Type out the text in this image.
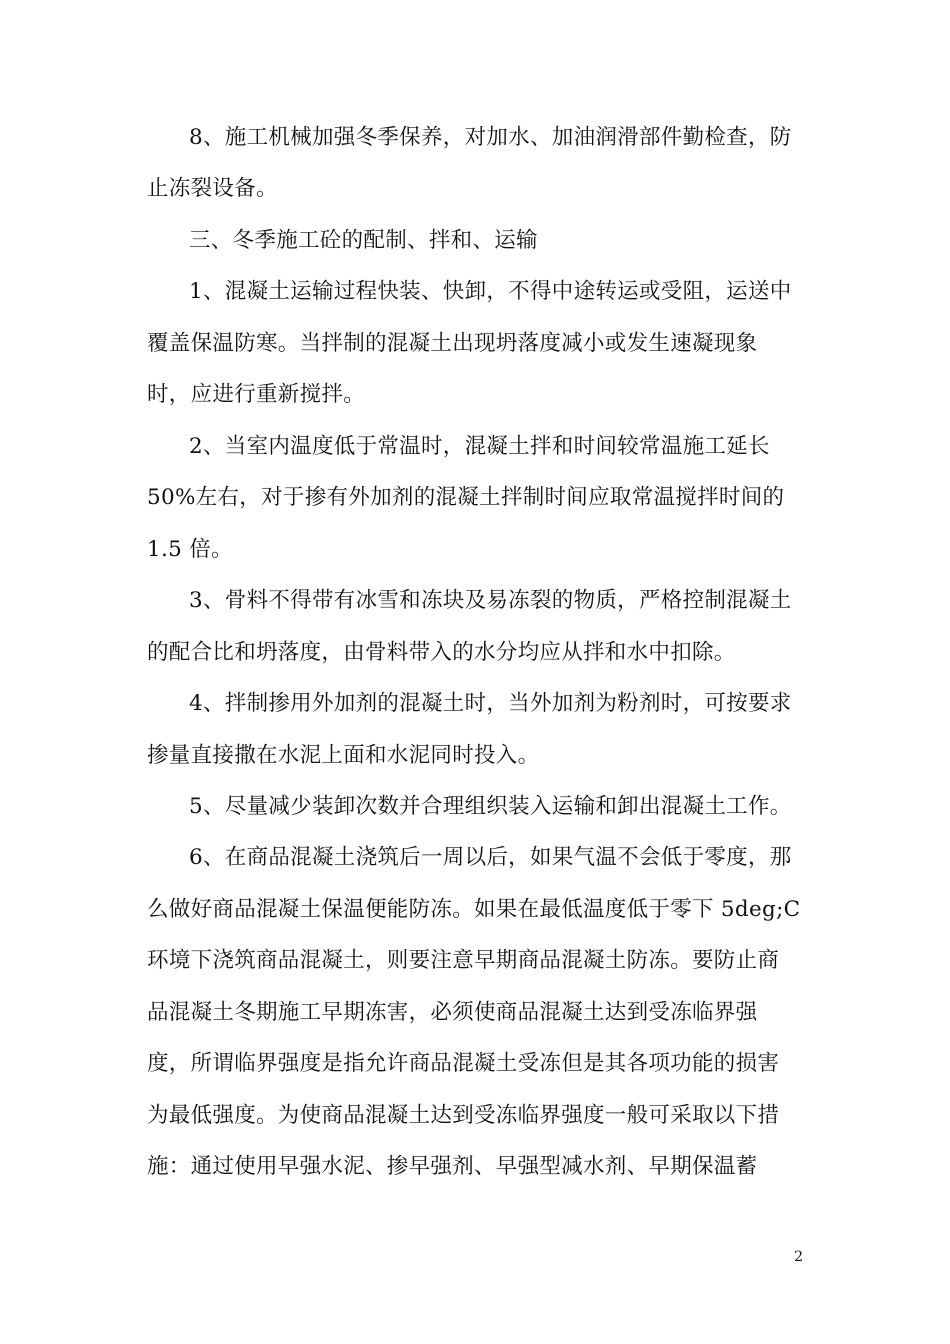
8、施工机械加强冬季保养，对加水、加油润滑部件勤检查，防
止冻裂设备。
三、冬季施工砼的配制、拌和、运输
1、混凝土运输过程快装、快卸，不得中途转运或受阻，运送中
覆盖保温防寒。当拌制的混凝土出现坍落度减小或发生速凝现象
时，应进行重新搅拌。
2、当室内温度低于常温时，混凝土拌和时间较常温施工延长
50%左右，对于掺有外加剂的混凝土拌制时间应取常温搅拌时间的
1.5 倍。
3、骨料不得带有冰雪和冻块及易冻裂的物质，严格控制混凝土
的配合比和坍落度，由骨料带入的水分均应从拌和水中扣除。
4、拌制掺用外加剂的混凝土时，当外加剂为粉剂时，可按要求
掺量直接撒在水泥上面和水泥同时投入。
5、尽量减少装卸次数并合理组织装入运输和卸出混凝土工作。
6、在商品混凝土浇筑后一周以后，如果气温不会低于零度，那
么做好商品混凝土保温便能防冻。如果在最低温度低于零下 5deg;C
环境下浇筑商品混凝土，则要注意早期商品混凝土防冻。要防止商
品混凝土冬期施工早期冻害，必须使商品混凝土达到受冻临界强
度，所谓临界强度是指允许商品混凝土受冻但是其各项功能的损害
为最低强度。为使商品混凝土达到受冻临界强度一般可采取以下措
施：通过使用早强水泥、掺早强剂、早强型减水剂、早期保温蓄
2
